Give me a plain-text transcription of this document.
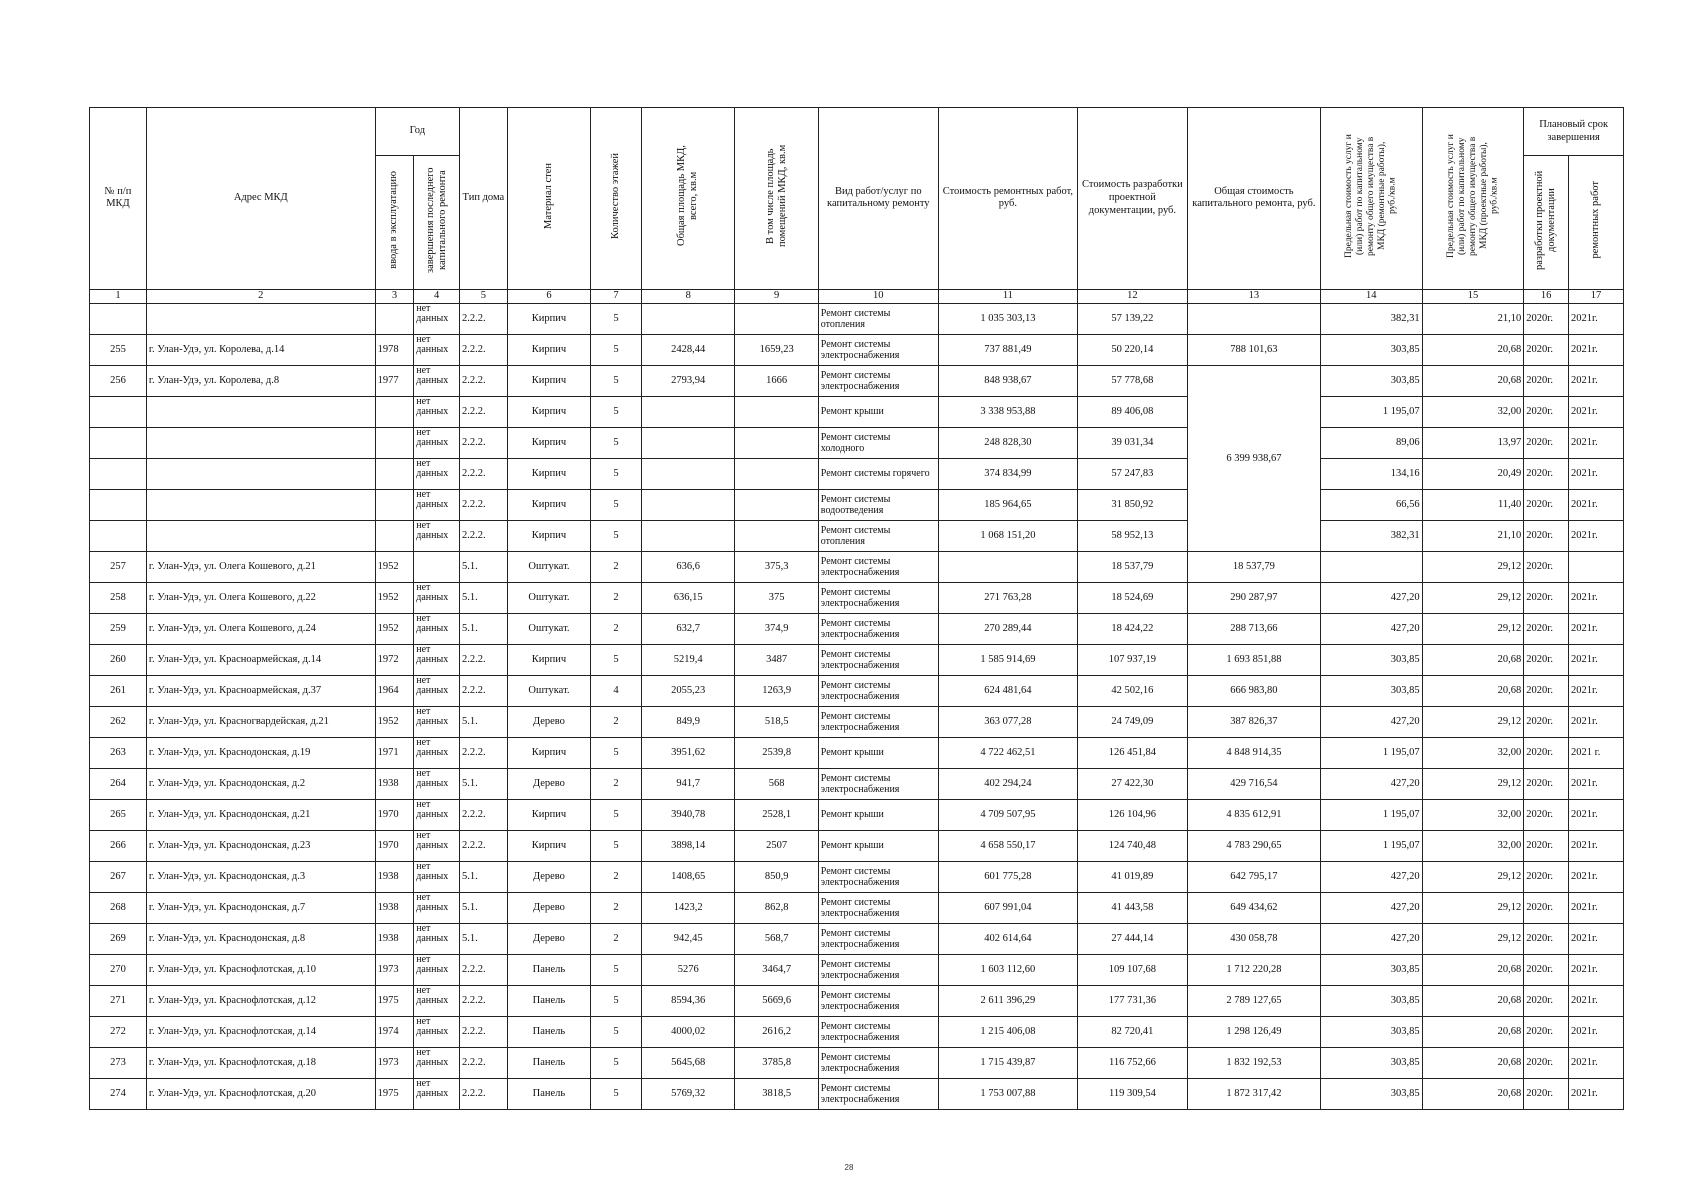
№ п/п МКД	Адрес МКД	Год		Тип дома	Материал стен	Количество этажей	Общая площадь МКД, всего, кв.м	В том числе площадь помещений МКД, кв.м	Вид работ/услуг по капитальному ремонту	Стоимость ремонтных работ, руб.	Стоимость разработки проектной документации, руб.	Общая стоимость капитального ремонта, руб.	Предельная стоимость услуг и (или) работ по капитальному ремонту общего имущества в МКД (ремонтные работы), руб./кв.м	Предельная стоимость услуг и (или) работ по капитальному ремонту общего имущества в МКД (проектные работы), руб./кв.м	Плановый срок завершения	
		ввода в эксплуатацию	завершения последнего капитального ремонта												разработки проектной документации	ремонтных работ
1	2	3	4	5	6	7	8	9	10	11	12	13	14	15	16	17
			нет данных	2.2.2.	Кирпич	5			Ремонт системы отопления	1 035 303,13	57 139,22		382,31	21,10	2020г.	2021г.
255	г. Улан-Удэ, ул. Королева, д.14	1978	нет данных	2.2.2.	Кирпич	5	2428,44	1659,23	Ремонт системы электроснабжения	737 881,49	50 220,14	788 101,63	303,85	20,68	2020г.	2021г.
256	г. Улан-Удэ, ул. Королева, д.8	1977	нет данных	2.2.2.	Кирпич	5	2793,94	1666	Ремонт системы электроснабжения	848 938,67	57 778,68	6 399 938,67	303,85	20,68	2020г.	2021г.
			нет данных	2.2.2.	Кирпич	5			Ремонт крыши	3 338 953,88	89 406,08		1 195,07	32,00	2020г.	2021г.
			нет данных	2.2.2.	Кирпич	5			Ремонт системы холодного	248 828,30	39 031,34		89,06	13,97	2020г.	2021г.
			нет данных	2.2.2.	Кирпич	5			Ремонт системы горячего	374 834,99	57 247,83		134,16	20,49	2020г.	2021г.
			нет данных	2.2.2.	Кирпич	5			Ремонт системы водоотведения	185 964,65	31 850,92		66,56	11,40	2020г.	2021г.
			нет данных	2.2.2.	Кирпич	5			Ремонт системы отопления	1 068 151,20	58 952,13		382,31	21,10	2020г.	2021г.
257	г. Улан-Удэ, ул. Олега Кошевого, д.21	1952		5.1.	Оштукат.	2	636,6	375,3	Ремонт системы электроснабжения		18 537,79	18 537,79		29,12	2020г.	
258	г. Улан-Удэ, ул. Олега Кошевого, д.22	1952	нет данных	5.1.	Оштукат.	2	636,15	375	Ремонт системы электроснабжения	271 763,28	18 524,69	290 287,97	427,20	29,12	2020г.	2021г.
259	г. Улан-Удэ, ул. Олега Кошевого, д.24	1952	нет данных	5.1.	Оштукат.	2	632,7	374,9	Ремонт системы электроснабжения	270 289,44	18 424,22	288 713,66	427,20	29,12	2020г.	2021г.
260	г. Улан-Удэ, ул. Красноармейская, д.14	1972	нет данных	2.2.2.	Кирпич	5	5219,4	3487	Ремонт системы электроснабжения	1 585 914,69	107 937,19	1 693 851,88	303,85	20,68	2020г.	2021г.
261	г. Улан-Удэ, ул. Красноармейская, д.37	1964	нет данных	2.2.2.	Оштукат.	4	2055,23	1263,9	Ремонт системы электроснабжения	624 481,64	42 502,16	666 983,80	303,85	20,68	2020г.	2021г.
262	г. Улан-Удэ, ул. Красногвардейская, д.21	1952	нет данных	5.1.	Дерево	2	849,9	518,5	Ремонт системы электроснабжения	363 077,28	24 749,09	387 826,37	427,20	29,12	2020г.	2021г.
263	г. Улан-Удэ, ул. Краснодонская, д.19	1971	нет данных	2.2.2.	Кирпич	5	3951,62	2539,8	Ремонт крыши	4 722 462,51	126 451,84	4 848 914,35	1 195,07	32,00	2020г.	2021 г.
264	г. Улан-Удэ, ул. Краснодонская, д.2	1938	нет данных	5.1.	Дерево	2	941,7	568	Ремонт системы электроснабжения	402 294,24	27 422,30	429 716,54	427,20	29,12	2020г.	2021г.
265	г. Улан-Удэ, ул. Краснодонская, д.21	1970	нет данных	2.2.2.	Кирпич	5	3940,78	2528,1	Ремонт крыши	4 709 507,95	126 104,96	4 835 612,91	1 195,07	32,00	2020г.	2021г.
266	г. Улан-Удэ, ул. Краснодонская, д.23	1970	нет данных	2.2.2.	Кирпич	5	3898,14	2507	Ремонт крыши	4 658 550,17	124 740,48	4 783 290,65	1 195,07	32,00	2020г.	2021г.
267	г. Улан-Удэ, ул. Краснодонская, д.3	1938	нет данных	5.1.	Дерево	2	1408,65	850,9	Ремонт системы электроснабжения	601 775,28	41 019,89	642 795,17	427,20	29,12	2020г.	2021г.
268	г. Улан-Удэ, ул. Краснодонская, д.7	1938	нет данных	5.1.	Дерево	2	1423,2	862,8	Ремонт системы электроснабжения	607 991,04	41 443,58	649 434,62	427,20	29,12	2020г.	2021г.
269	г. Улан-Удэ, ул. Краснодонская, д.8	1938	нет данных	5.1.	Дерево	2	942,45	568,7	Ремонт системы электроснабжения	402 614,64	27 444,14	430 058,78	427,20	29,12	2020г.	2021г.
270	г. Улан-Удэ, ул. Краснофлотская, д.10	1973	нет данных	2.2.2.	Панель	5	5276	3464,7	Ремонт системы электроснабжения	1 603 112,60	109 107,68	1 712 220,28	303,85	20,68	2020г.	2021г.
271	г. Улан-Удэ, ул. Краснофлотская, д.12	1975	нет данных	2.2.2.	Панель	5	8594,36	5669,6	Ремонт системы электроснабжения	2 611 396,29	177 731,36	2 789 127,65	303,85	20,68	2020г.	2021г.
272	г. Улан-Удэ, ул. Краснофлотская, д.14	1974	нет данных	2.2.2.	Панель	5	4000,02	2616,2	Ремонт системы электроснабжения	1 215 406,08	82 720,41	1 298 126,49	303,85	20,68	2020г.	2021г.
273	г. Улан-Удэ, ул. Краснофлотская, д.18	1973	нет данных	2.2.2.	Панель	5	5645,68	3785,8	Ремонт системы электроснабжения	1 715 439,87	116 752,66	1 832 192,53	303,85	20,68	2020г.	2021г.
274	г. Улан-Удэ, ул. Краснофлотская, д.20	1975	нет данных	2.2.2.	Панель	5	5769,32	3818,5	Ремонт системы электроснабжения	1 753 007,88	119 309,54	1 872 317,42	303,85	20,68	2020г.	2021г.
28
